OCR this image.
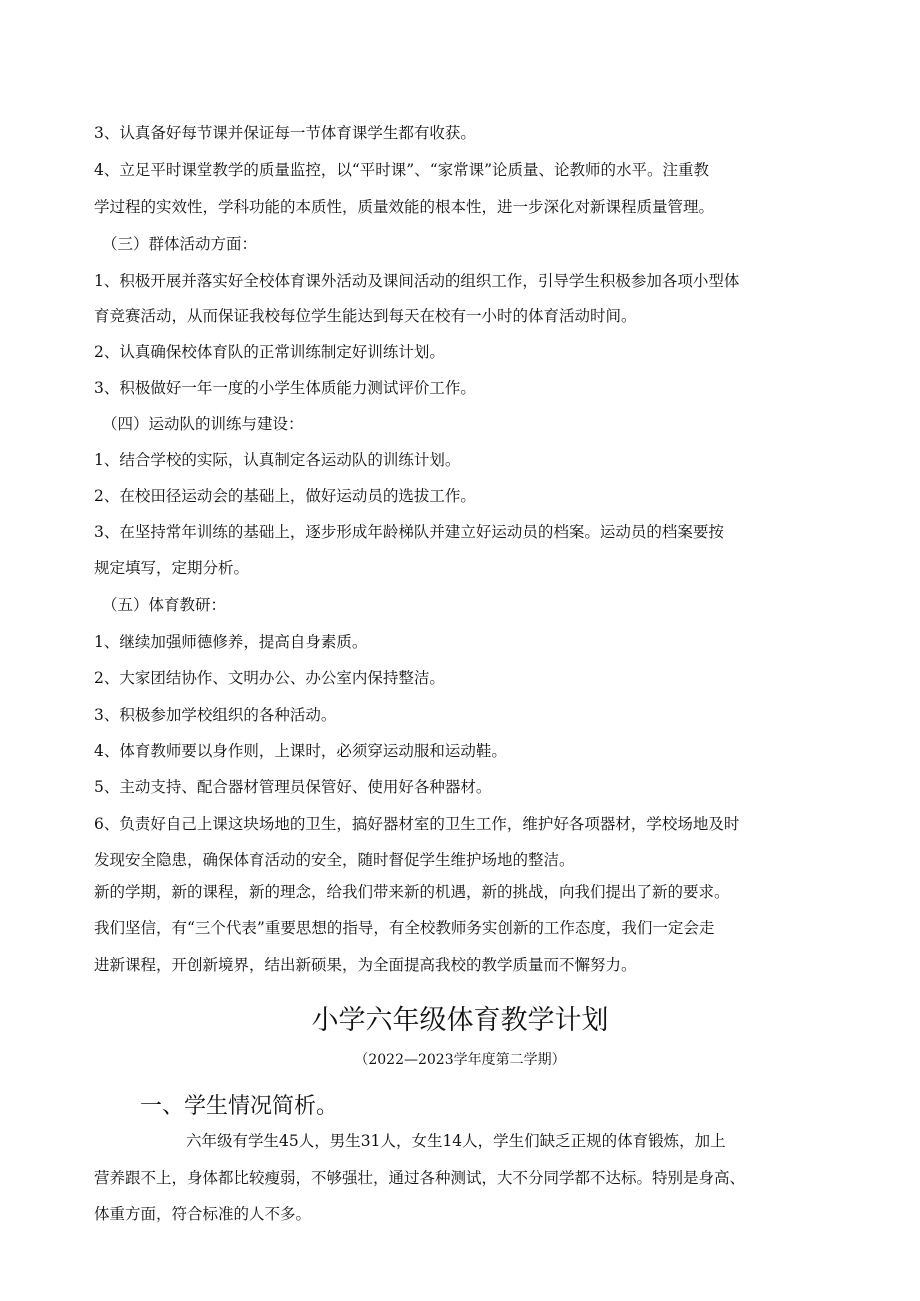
3、认真备好每节课并保证每一节体育课学生都有收获。
4、立足平时课堂教学的质量监控，以“平时课”、“家常课”论质量、论教师的水平。注重教
学过程的实效性，学科功能的本质性，质量效能的根本性，进一步深化对新课程质量管理。
（三）群体活动方面：
1、积极开展并落实好全校体育课外活动及课间活动的组织工作，引导学生积极参加各项小型体
育竞赛活动，从而保证我校每位学生能达到每天在校有一小时的体育活动时间。
2、认真确保校体育队的正常训练制定好训练计划。
3、积极做好一年一度的小学生体质能力测试评价工作。
（四）运动队的训练与建设：
1、结合学校的实际，认真制定各运动队的训练计划。
2、在校田径运动会的基础上，做好运动员的选拔工作。
3、在坚持常年训练的基础上，逐步形成年龄梯队并建立好运动员的档案。运动员的档案要按
规定填写，定期分析。
（五）体育教研：
1、继续加强师德修养，提高自身素质。
2、大家团结协作、文明办公、办公室内保持整洁。
3、积极参加学校组织的各种活动。
4、体育教师要以身作则，上课时，必须穿运动服和运动鞋。
5、主动支持、配合器材管理员保管好、使用好各种器材。
6、负责好自己上课这块场地的卫生，搞好器材室的卫生工作，维护好各项器材，学校场地及时
发现安全隐患，确保体育活动的安全，随时督促学生维护场地的整洁。
新的学期，新的课程，新的理念，给我们带来新的机遇，新的挑战，向我们提出了新的要求。
我们坚信，有“三个代表”重要思想的指导，有全校教师务实创新的工作态度，我们一定会走
进新课程，开创新境界，结出新硕果，为全面提高我校的教学质量而不懈努力。
小学六年级体育教学计划
（2022—2023学年度第二学期）
一、学生情况简析。
六年级有学生45人，男生31人，女生14人，学生们缺乏正规的体育锻炼，加上
营养跟不上，身体都比较瘦弱，不够强壮，通过各种测试，大不分同学都不达标。特别是身高、
体重方面，符合标准的人不多。
